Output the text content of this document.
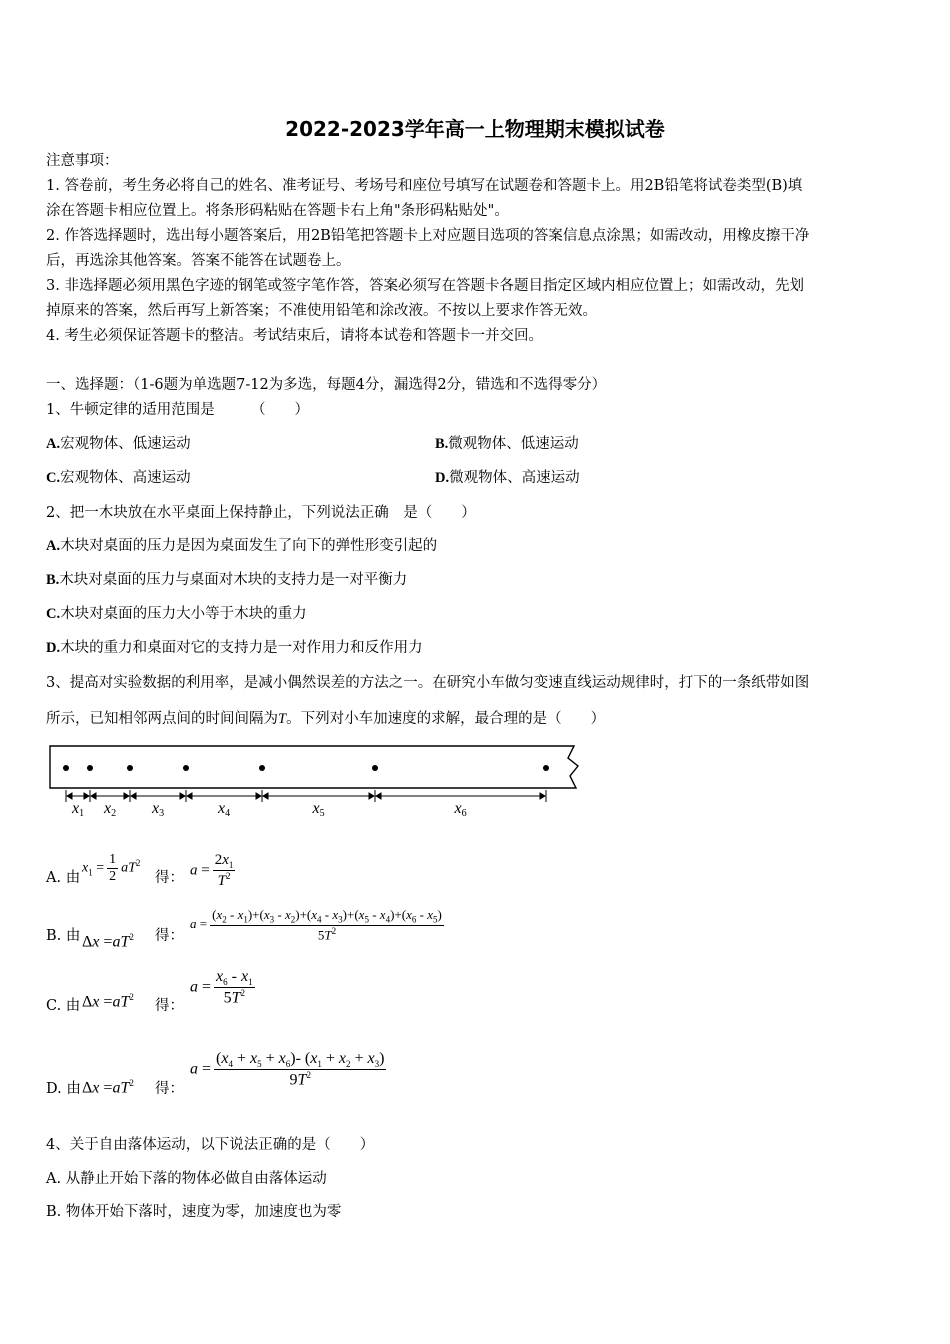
2022-2023学年高一上物理期末模拟试卷
注意事项：
1. 答卷前，考生务必将自己的姓名、准考证号、考场号和座位号填写在试题卷和答题卡上。用2B铅笔将试卷类型(B)填
涂在答题卡相应位置上。将条形码粘贴在答题卡右上角"条形码粘贴处"。
2. 作答选择题时，选出每小题答案后，用2B铅笔把答题卡上对应题目选项的答案信息点涂黑；如需改动，用橡皮擦干净
后，再选涂其他答案。答案不能答在试题卷上。
3. 非选择题必须用黑色字迹的钢笔或签字笔作答，答案必须写在答题卡各题目指定区域内相应位置上；如需改动，先划
掉原来的答案，然后再写上新答案；不准使用铅笔和涂改液。不按以上要求作答无效。
4. 考生必须保证答题卡的整洁。考试结束后，请将本试卷和答题卡一并交回。
一、选择题：（1-6题为单选题7-12为多选，每题4分，漏选得2分，错选和不选得零分）
1、牛顿定律的适用范围是　　　（　　）
A.宏观物体、低速运动	B.微观物体、低速运动
C.宏观物体、高速运动	D.微观物体、高速运动
2、把一木块放在水平桌面上保持静止，下列说法正确　是（　　）
A.木块对桌面的压力是因为桌面发生了向下的弹性形变引起的
B.木块对桌面的压力与桌面对木块的支持力是一对平衡力
C.木块对桌面的压力大小等于木块的重力
D.木块的重力和桌面对它的支持力是一对作用力和反作用力
3、提高对实验数据的利用率，是减小偶然误差的方法之一。在研究小车做匀变速直线运动规律时，打下的一条纸带如图
所示，已知相邻两点间的时间间隔为T。下列对小车加速度的求解，最合理的是（　　）
x1 x2 x3	x4	x5	x6
A. 由
$x_1 = \frac{1}{2} aT^2$
得： $a = \frac{2x_1}{T^2}$
B. 由 $\Delta x =aT^2$ 得：
$a = \frac{(x_2 - x_1)+(x_3 - x_2)+(x_4 - x_3)+(x_5 - x_4)+(x_6 - x_5)}{5T^2}$
C. 由 $\Delta x =aT^2$
得：
$a = \frac{x_6 - x_1}{5T^2}$
D. 由 $\Delta x =aT^2$ 得：
$a = \frac{(x_4 + x_5 + x_6)- (x_1 + x_2 + x_3)}{9T^2}$
4、关于自由落体运动，以下说法正确的是（　　）
A. 从静止开始下落的物体必做自由落体运动
B. 物体开始下落时，速度为零，加速度也为零
